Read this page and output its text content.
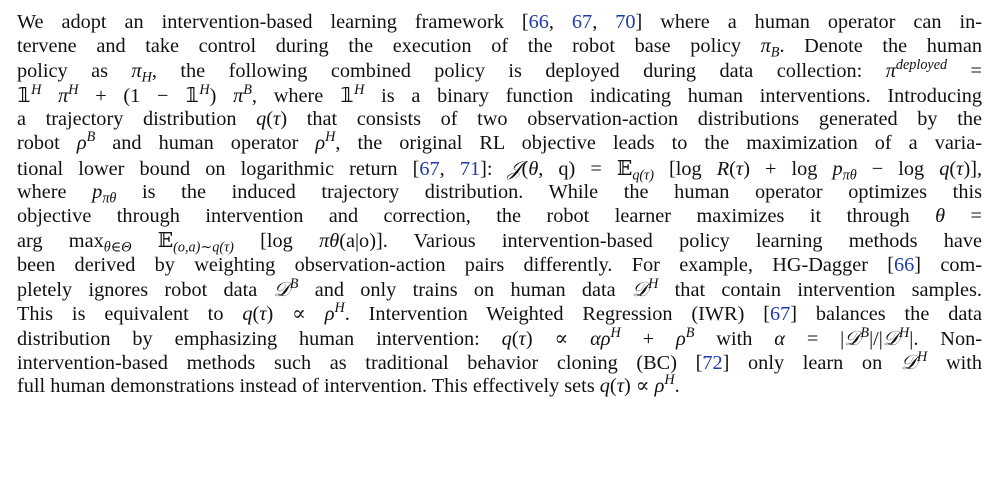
We adopt an intervention-based learning framework [66, 67, 70] where a human operator can in-
tervene and take control during the execution of the robot base policy $\pi_B$. Denote the human
policy as $\pi_H$, the following combined policy is deployed during data collection: $\pi^{deployed}$ =
$𝟙^H$ $\pi^H + (1$ − $𝟙^H$) $\pi^B$, where $𝟙^H$ is a binary function indicating human interventions. Introducing
a trajectory distribution q(τ) that consists of two observation-action distributions generated by the
robot $\rho^B$ and human operator $\rho^H$, the original RL objective leads to the maximization of a varia-
tional lower bound on logarithmic return [67, 71]: 𝒥(θ, q) = 𝔼$_{q(\tau)}$ [log $R(\tau) + \log p_{\pi\theta} - \log q(\tau)$],
where $p_{\pi\theta}$ is the induced trajectory distribution. While the human operator optimizes this
objective through intervention and correction, the robot learner maximizes it through θ =
arg $\max_{\theta\in\Theta}$ 𝔼$_{(o,a)\sim q(\tau)}$ [log πθ(a|o)]. Various intervention-based policy learning methods have
been derived by weighting observation-action pairs differently. For example, HG-Dagger [66] com-
pletely ignores robot data 𝒟$^B$ and only trains on human data 𝒟$^H$ that contain intervention samples.
This is equivalent to $q(\tau) \propto \rho^H$. Intervention Weighted Regression (IWR) [67] balances the data
distribution by emphasizing human intervention: $q(\tau) \propto \alpha\rho^H + \rho^B$ with α = |𝒟$^B$|/|𝒟$^H$|. Non-
intervention-based methods such as traditional behavior cloning (BC) [72] only learn on 𝒟$^H$ with
full human demonstrations instead of intervention. This effectively sets $q(\tau) \propto \rho^H$.
